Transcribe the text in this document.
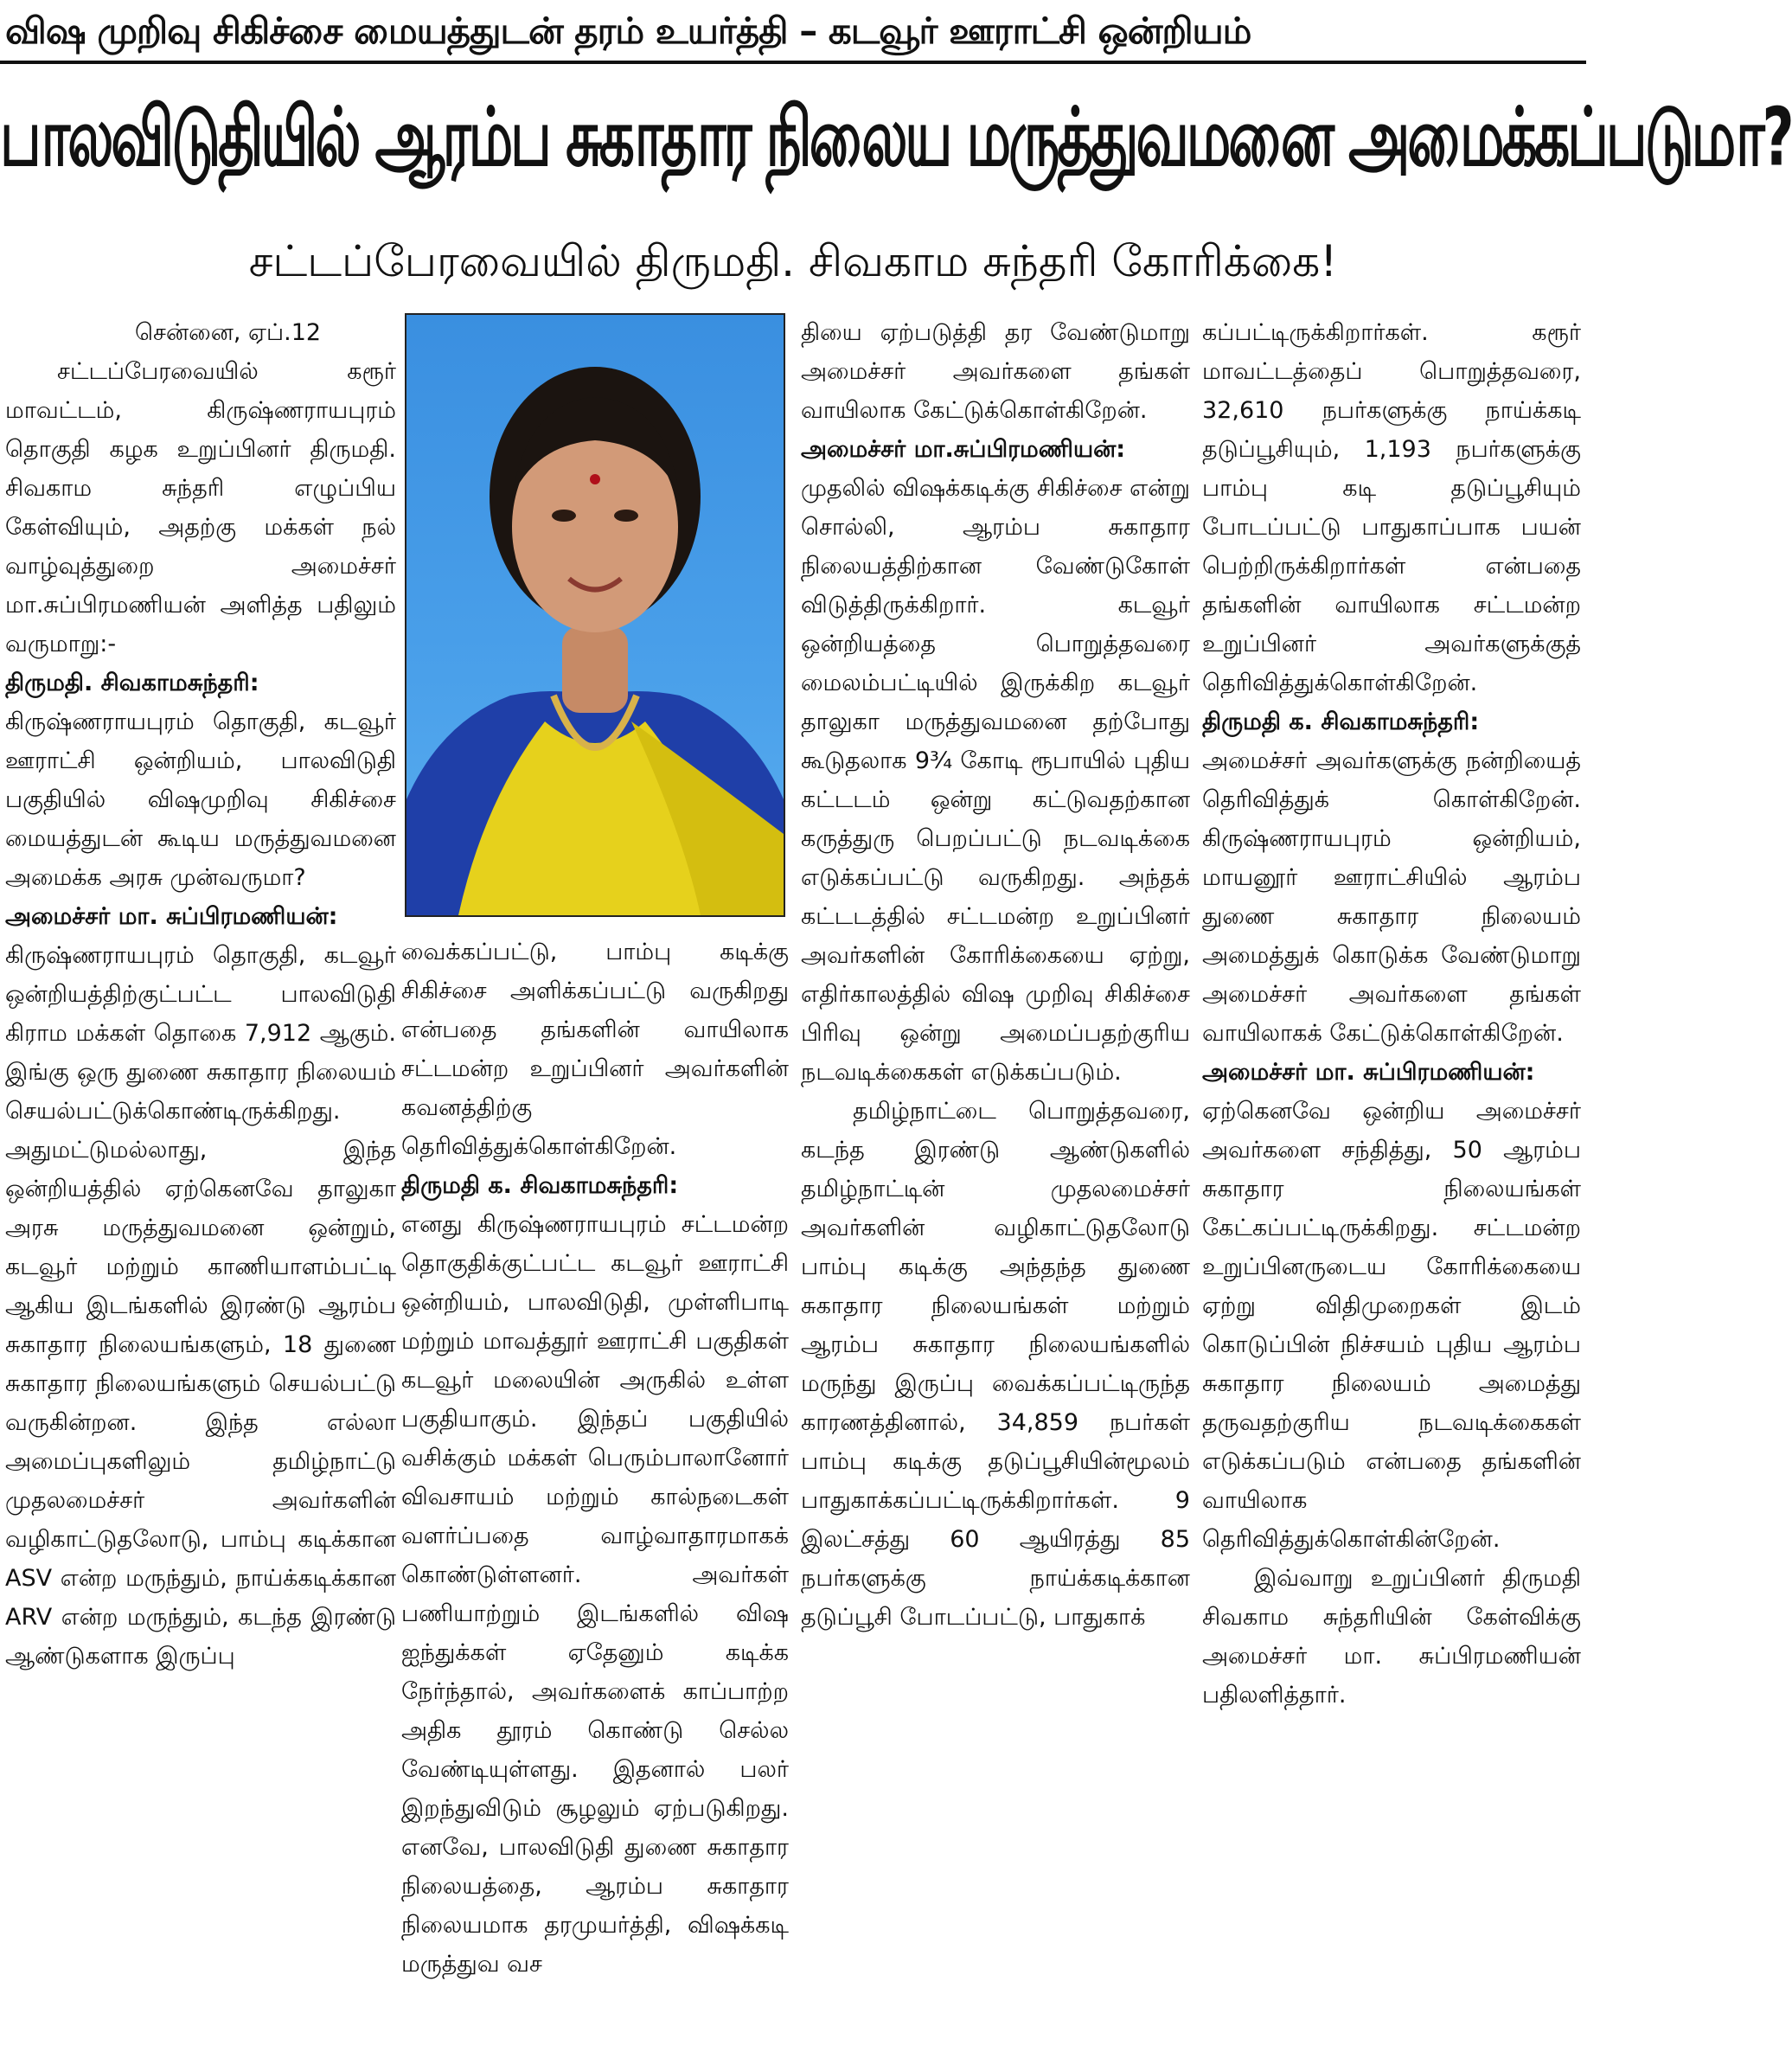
விஷ முறிவு சிகிச்சை மையத்துடன் தரம் உயர்த்தி – கடவூர் ஊராட்சி ஒன்றியம்
பாலவிடுதியில் ஆரம்ப சுகாதார நிலைய மருத்துவமனை அமைக்கப்படுமா?
சட்டப்பேரவையில் திருமதி. சிவகாம சுந்தரி கோரிக்கை!

சென்னை, ஏப்.12

சட்டப்பேரவையில் கரூர் மாவட்டம், கிருஷ்ணராயபுரம் தொகுதி கழக உறுப்பினர் திருமதி. சிவகாம சுந்தரி எழுப்பிய கேள்வியும், அதற்கு மக்கள் நல் வாழ்வுத்துறை அமைச்சர் மா.சுப்பிரமணியன் அளித்த பதிலும் வருமாறு:-

திருமதி. சிவகாமசுந்தரி:

கிருஷ்ணராயபுரம் தொகுதி, கடவூர் ஊராட்சி ஒன்றியம், பாலவிடுதி பகுதியில் விஷமுறிவு சிகிச்சை மையத்துடன் கூடிய மருத்துவமனை அமைக்க அரசு முன்வருமா?

அமைச்சர் மா. சுப்பிரமணியன்:

கிருஷ்ணராயபுரம் தொகுதி, கடவூர் ஒன்றியத்திற்குட்பட்ட பாலவிடுதி கிராம மக்கள் தொகை 7,912 ஆகும். இங்கு ஒரு துணை சுகாதார நிலையம் செயல்பட்டுக்கொண்டிருக்கிறது. அதுமட்டுமல்லாது, இந்த ஒன்றியத்தில் ஏற்கெனவே தாலுகா அரசு மருத்துவமனை ஒன்றும், கடவூர் மற்றும் காணியாளம்பட்டி ஆகிய இடங்களில் இரண்டு ஆரம்ப சுகாதார நிலையங்களும், 18 துணை சுகாதார நிலையங்களும் செயல்பட்டு வருகின்றன. இந்த எல்லா அமைப்புகளிலும் தமிழ்நாட்டு முதலமைச்சர் அவர்களின் வழிகாட்டுதலோடு, பாம்பு கடிக்கான ASV என்ற மருந்தும், நாய்க்கடிக்கான ARV என்ற மருந்தும், கடந்த இரண்டு ஆண்டுகளாக இருப்பு

வைக்கப்பட்டு, பாம்பு கடிக்கு சிகிச்சை அளிக்கப்பட்டு வருகிறது என்பதை தங்களின் வாயிலாக சட்டமன்ற உறுப்பினர் அவர்களின் கவனத்திற்கு தெரிவித்துக்கொள்கிறேன்.

திருமதி க. சிவகாமசுந்தரி:

எனது கிருஷ்ணராயபுரம் சட்டமன்ற தொகுதிக்குட்பட்ட கடவூர் ஊராட்சி ஒன்றியம், பாலவிடுதி, முள்ளிபாடி மற்றும் மாவத்தூர் ஊராட்சி பகுதிகள் கடவூர் மலையின் அருகில் உள்ள பகுதியாகும். இந்தப் பகுதியில் வசிக்கும் மக்கள் பெரும்பாலானோர் விவசாயம் மற்றும் கால்நடைகள் வளர்ப்பதை வாழ்வாதாரமாகக் கொண்டுள்ளனர். அவர்கள் பணியாற்றும் இடங்களில் விஷ ஐந்துக்கள் ஏதேனும் கடிக்க நேர்ந்தால், அவர்களைக் காப்பாற்ற அதிக தூரம் கொண்டு செல்ல வேண்டியுள்ளது. இதனால் பலர் இறந்துவிடும் சூழலும் ஏற்படுகிறது. எனவே, பாலவிடுதி துணை சுகாதார நிலையத்தை, ஆரம்ப சுகாதார நிலையமாக தரமுயர்த்தி, விஷக்கடி மருத்துவ வச

தியை ஏற்படுத்தி தர வேண்டுமாறு அமைச்சர் அவர்களை தங்கள் வாயிலாக கேட்டுக்கொள்கிறேன்.

அமைச்சர் மா.சுப்பிரமணியன்:

முதலில் விஷக்கடிக்கு சிகிச்சை என்று சொல்லி, ஆரம்ப சுகாதார நிலையத்திற்கான வேண்டுகோள் விடுத்திருக்கிறார். கடவூர் ஒன்றியத்தை பொறுத்தவரை மைலம்பட்டியில் இருக்கிற கடவூர் தாலுகா மருத்துவமனை தற்போது கூடுதலாக 9¾ கோடி ரூபாயில் புதிய கட்டடம் ஒன்று கட்டுவதற்கான கருத்துரு பெறப்பட்டு நடவடிக்கை எடுக்கப்பட்டு வருகிறது. அந்தக் கட்டடத்தில் சட்டமன்ற உறுப்பினர் அவர்களின் கோரிக்கையை ஏற்று, எதிர்காலத்தில் விஷ முறிவு சிகிச்சை பிரிவு ஒன்று அமைப்பதற்குரிய நடவடிக்கைகள் எடுக்கப்படும்.

தமிழ்நாட்டை பொறுத்தவரை, கடந்த இரண்டு ஆண்டுகளில் தமிழ்நாட்டின் முதலமைச்சர் அவர்களின் வழிகாட்டுதலோடு பாம்பு கடிக்கு அந்தந்த துணை சுகாதார நிலையங்கள் மற்றும் ஆரம்ப சுகாதார நிலையங்களில் மருந்து இருப்பு வைக்கப்பட்டிருந்த காரணத்தினால், 34,859 நபர்கள் பாம்பு கடிக்கு தடுப்பூசியின்மூலம் பாதுகாக்கப்பட்டிருக்கிறார்கள். 9 இலட்சத்து 60 ஆயிரத்து 85 நபர்களுக்கு நாய்க்கடிக்கான தடுப்பூசி போடப்பட்டு, பாதுகாக்

கப்பட்டிருக்கிறார்கள். கரூர் மாவட்டத்தைப் பொறுத்தவரை, 32,610 நபர்களுக்கு நாய்க்கடி தடுப்பூசியும், 1,193 நபர்களுக்கு பாம்பு கடி தடுப்பூசியும் போடப்பட்டு பாதுகாப்பாக பயன் பெற்றிருக்கிறார்கள் என்பதை தங்களின் வாயிலாக சட்டமன்ற உறுப்பினர் அவர்களுக்குத் தெரிவித்துக்கொள்கிறேன்.

திருமதி க. சிவகாமசுந்தரி:

அமைச்சர் அவர்களுக்கு நன்றியைத் தெரிவித்துக் கொள்கிறேன். கிருஷ்ணராயபுரம் ஒன்றியம், மாயனூர் ஊராட்சியில் ஆரம்ப துணை சுகாதார நிலையம் அமைத்துக் கொடுக்க வேண்டுமாறு அமைச்சர் அவர்களை தங்கள் வாயிலாகக் கேட்டுக்கொள்கிறேன்.

அமைச்சர் மா. சுப்பிரமணியன்:

ஏற்கெனவே ஒன்றிய அமைச்சர் அவர்களை சந்தித்து, 50 ஆரம்ப சுகாதார நிலையங்கள் கேட்கப்பட்டிருக்கிறது. சட்டமன்ற உறுப்பினருடைய கோரிக்கையை ஏற்று விதிமுறைகள் இடம் கொடுப்பின் நிச்சயம் புதிய ஆரம்ப சுகாதார நிலையம் அமைத்து தருவதற்குரிய நடவடிக்கைகள் எடுக்கப்படும் என்பதை தங்களின் வாயிலாக தெரிவித்துக்கொள்கின்றேன்.

இவ்வாறு உறுப்பினர் திருமதி சிவகாம சுந்தரியின் கேள்விக்கு அமைச்சர் மா. சுப்பிரமணியன் பதிலளித்தார்.
